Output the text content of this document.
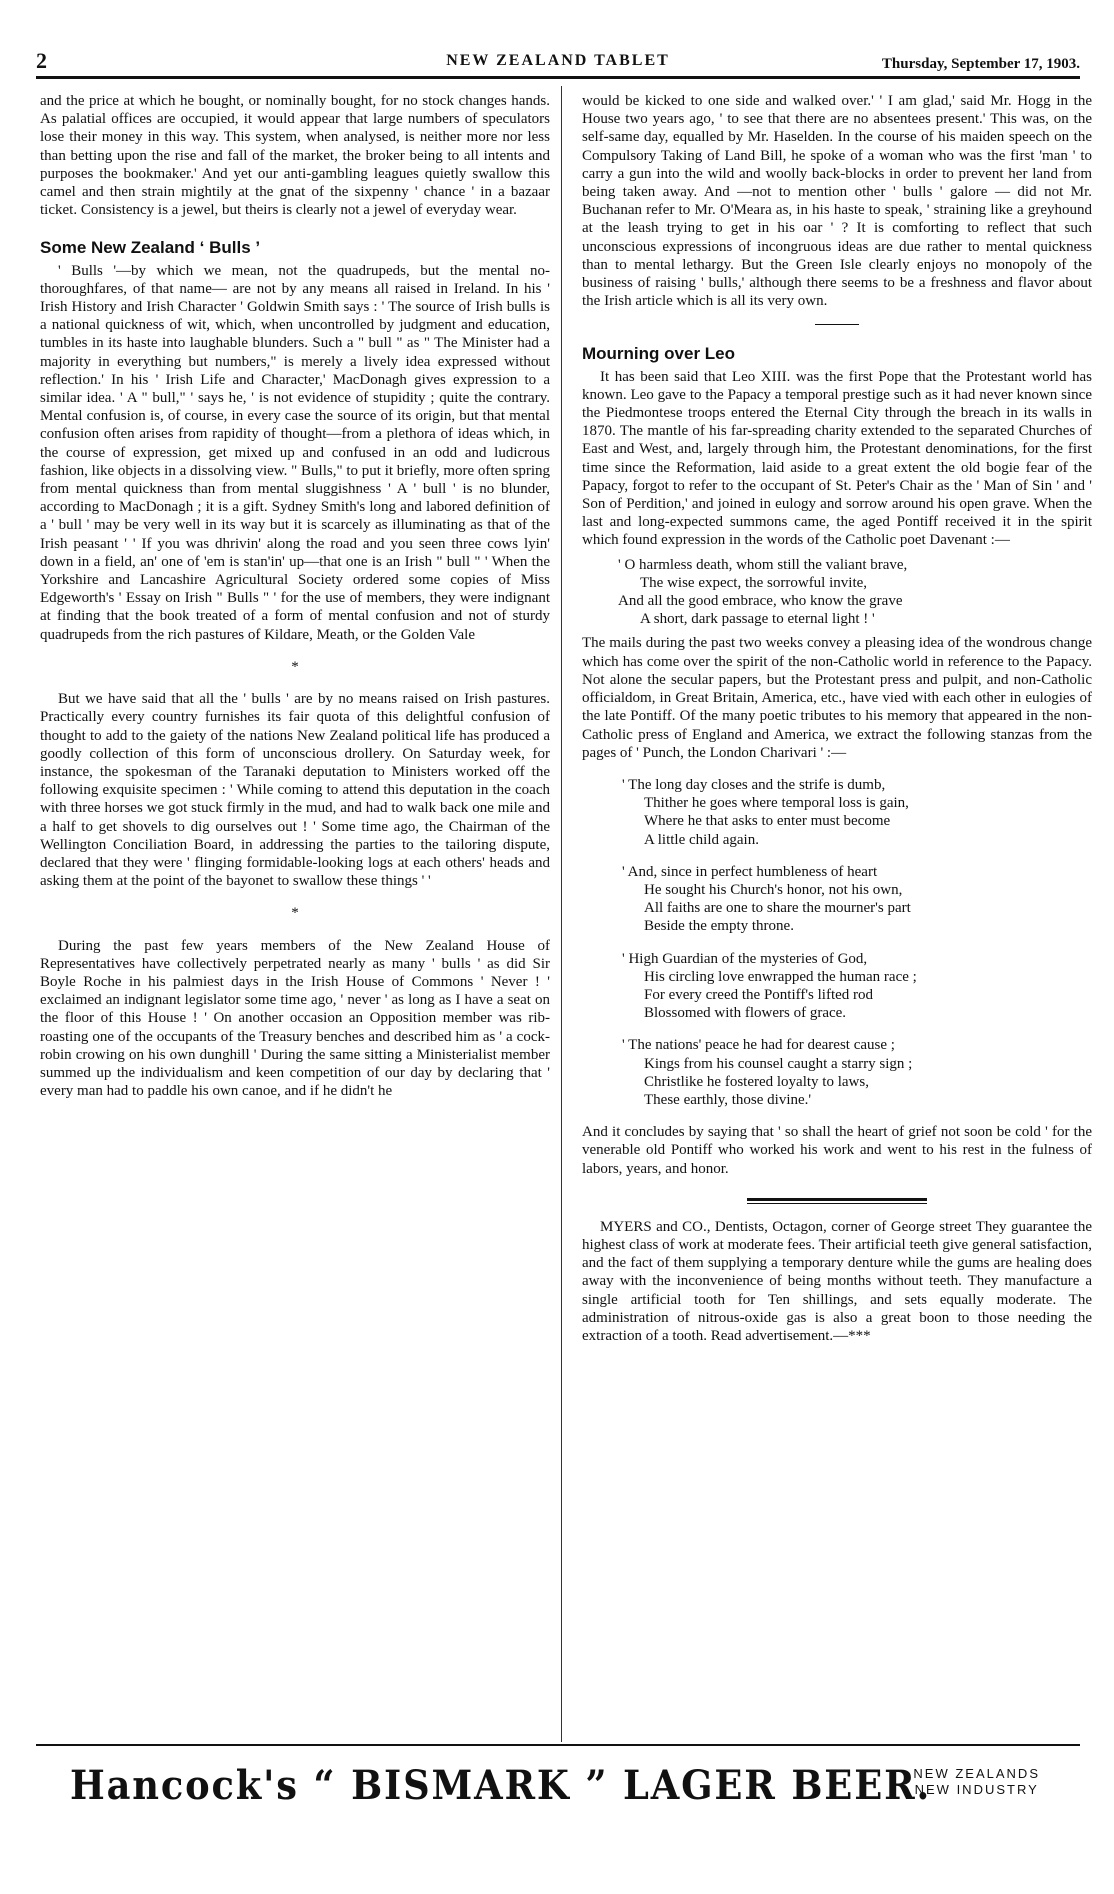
2	NEW ZEALAND TABLET	Thursday, September 17, 1903.

and the price at which he bought, or nominally bought, for no stock changes hands. As palatial offices are occupied, it would appear that large numbers of speculators lose their money in this way. This system, when analysed, is neither more nor less than betting upon the rise and fall of the market, the broker being to all intents and purposes the bookmaker.' And yet our anti-gambling leagues quietly swallow this camel and then strain mightily at the gnat of the sixpenny ' chance ' in a bazaar ticket. Consistency is a jewel, but theirs is clearly not a jewel of everyday wear.

Some New Zealand ‘ Bulls ’

' Bulls '—by which we mean, not the quadrupeds, but the mental no-thoroughfares, of that name— are not by any means all raised in Ireland. In his ' Irish History and Irish Character ' Goldwin Smith says : ' The source of Irish bulls is a national quickness of wit, which, when uncontrolled by judgment and education, tumbles in its haste into laughable blunders. Such a " bull " as " The Minister had a majority in everything but numbers," is merely a lively idea expressed without reflection.' In his ' Irish Life and Character,' MacDonagh gives expression to a similar idea. ' A " bull," ' says he, ' is not evidence of stupidity ; quite the contrary. Mental confusion is, of course, in every case the source of its origin, but that mental confusion often arises from rapidity of thought—from a plethora of ideas which, in the course of expression, get mixed up and confused in an odd and ludicrous fashion, like objects in a dissolving view. " Bulls," to put it briefly, more often spring from mental quickness than from mental sluggishness ' A ' bull ' is no blunder, according to MacDonagh ; it is a gift. Sydney Smith's long and labored definition of a ' bull ' may be very well in its way but it is scarcely as illuminating as that of the Irish peasant ' ' If you was dhrivin' along the road and you seen three cows lyin' down in a field, an' one of 'em is stan'in' up—that one is an Irish " bull " ' When the Yorkshire and Lancashire Agricultural Society ordered some copies of Miss Edgeworth's ' Essay on Irish " Bulls " ' for the use of members, they were indignant at finding that the book treated of a form of mental confusion and not of sturdy quadrupeds from the rich pastures of Kildare, Meath, or the Golden Vale

*

But we have said that all the ' bulls ' are by no means raised on Irish pastures. Practically every country furnishes its fair quota of this delightful confusion of thought to add to the gaiety of the nations New Zealand political life has produced a goodly collection of this form of unconscious drollery. On Saturday week, for instance, the spokesman of the Taranaki deputation to Ministers worked off the following exquisite specimen : ' While coming to attend this deputation in the coach with three horses we got stuck firmly in the mud, and had to walk back one mile and a half to get shovels to dig ourselves out ! ' Some time ago, the Chairman of the Wellington Conciliation Board, in addressing the parties to the tailoring dispute, declared that they were ' flinging formidable-looking logs at each others' heads and asking them at the point of the bayonet to swallow these things ' '

*

During the past few years members of the New Zealand House of Representatives have collectively perpetrated nearly as many ' bulls ' as did Sir Boyle Roche in his palmiest days in the Irish House of Commons ' Never ! ' exclaimed an indignant legislator some time ago, ' never ' as long as I have a seat on the floor of this House ! ' On another occasion an Opposition member was rib-roasting one of the occupants of the Treasury benches and described him as ' a cock-robin crowing on his own dunghill ' During the same sitting a Ministerialist member summed up the individualism and keen competition of our day by declaring that ' every man had to paddle his own canoe, and if he didn't he

would be kicked to one side and walked over.' ' I am glad,' said Mr. Hogg in the House two years ago, ' to see that there are no absentees present.' This was, on the self-same day, equalled by Mr. Haselden. In the course of his maiden speech on the Compulsory Taking of Land Bill, he spoke of a woman who was the first 'man ' to carry a gun into the wild and woolly back-blocks in order to prevent her land from being taken away. And —not to mention other ' bulls ' galore — did not Mr. Buchanan refer to Mr. O'Meara as, in his haste to speak, ' straining like a greyhound at the leash trying to get in his oar ' ? It is comforting to reflect that such unconscious expressions of incongruous ideas are due rather to mental quickness than to mental lethargy. But the Green Isle clearly enjoys no monopoly of the business of raising ' bulls,' although there seems to be a freshness and flavor about the Irish article which is all its very own.

Mourning over Leo

It has been said that Leo XIII. was the first Pope that the Protestant world has known. Leo gave to the Papacy a temporal prestige such as it had never known since the Piedmontese troops entered the Eternal City through the breach in its walls in 1870. The mantle of his far-spreading charity extended to the separated Churches of East and West, and, largely through him, the Protestant denominations, for the first time since the Reformation, laid aside to a great extent the old bogie fear of the Papacy, forgot to refer to the occupant of St. Peter's Chair as the ' Man of Sin ' and ' Son of Perdition,' and joined in eulogy and sorrow around his open grave. When the last and long-expected summons came, the aged Pontiff received it in the spirit which found expression in the words of the Catholic poet Davenant :—

' O harmless death, whom still the valiant brave,
The wise expect, the sorrowful invite,
And all the good embrace, who know the grave
A short, dark passage to eternal light ! '

The mails during the past two weeks convey a pleasing idea of the wondrous change which has come over the spirit of the non-Catholic world in reference to the Papacy. Not alone the secular papers, but the Protestant press and pulpit, and non-Catholic officialdom, in Great Britain, America, etc., have vied with each other in eulogies of the late Pontiff. Of the many poetic tributes to his memory that appeared in the non-Catholic press of England and America, we extract the following stanzas from the pages of ' Punch, the London Charivari ' :—

' The long day closes and the strife is dumb,
Thither he goes where temporal loss is gain,
Where he that asks to enter must become
A little child again.
' And, since in perfect humbleness of heart
He sought his Church's honor, not his own,
All faiths are one to share the mourner's part
Beside the empty throne.
' High Guardian of the mysteries of God,
His circling love enwrapped the human race ;
For every creed the Pontiff's lifted rod
Blossomed with flowers of grace.
' The nations' peace he had for dearest cause ;
Kings from his counsel caught a starry sign ;
Christlike he fostered loyalty to laws,
These earthly, those divine.'

And it concludes by saying that ' so shall the heart of grief not soon be cold ' for the venerable old Pontiff who worked his work and went to his rest in the fulness of labors, years, and honor.

MYERS and CO., Dentists, Octagon, corner of George street They guarantee the highest class of work at moderate fees. Their artificial teeth give general satisfaction, and the fact of them supplying a temporary denture while the gums are healing does away with the inconvenience of being months without teeth. They manufacture a single artificial tooth for Ten shillings, and sets equally moderate. The administration of nitrous-oxide gas is also a great boon to those needing the extraction of a tooth. Read advertisement.—***

Hancock's “ BISMARK ” LAGER BEER.
NEW ZEALANDS
NEW INDUSTRY
